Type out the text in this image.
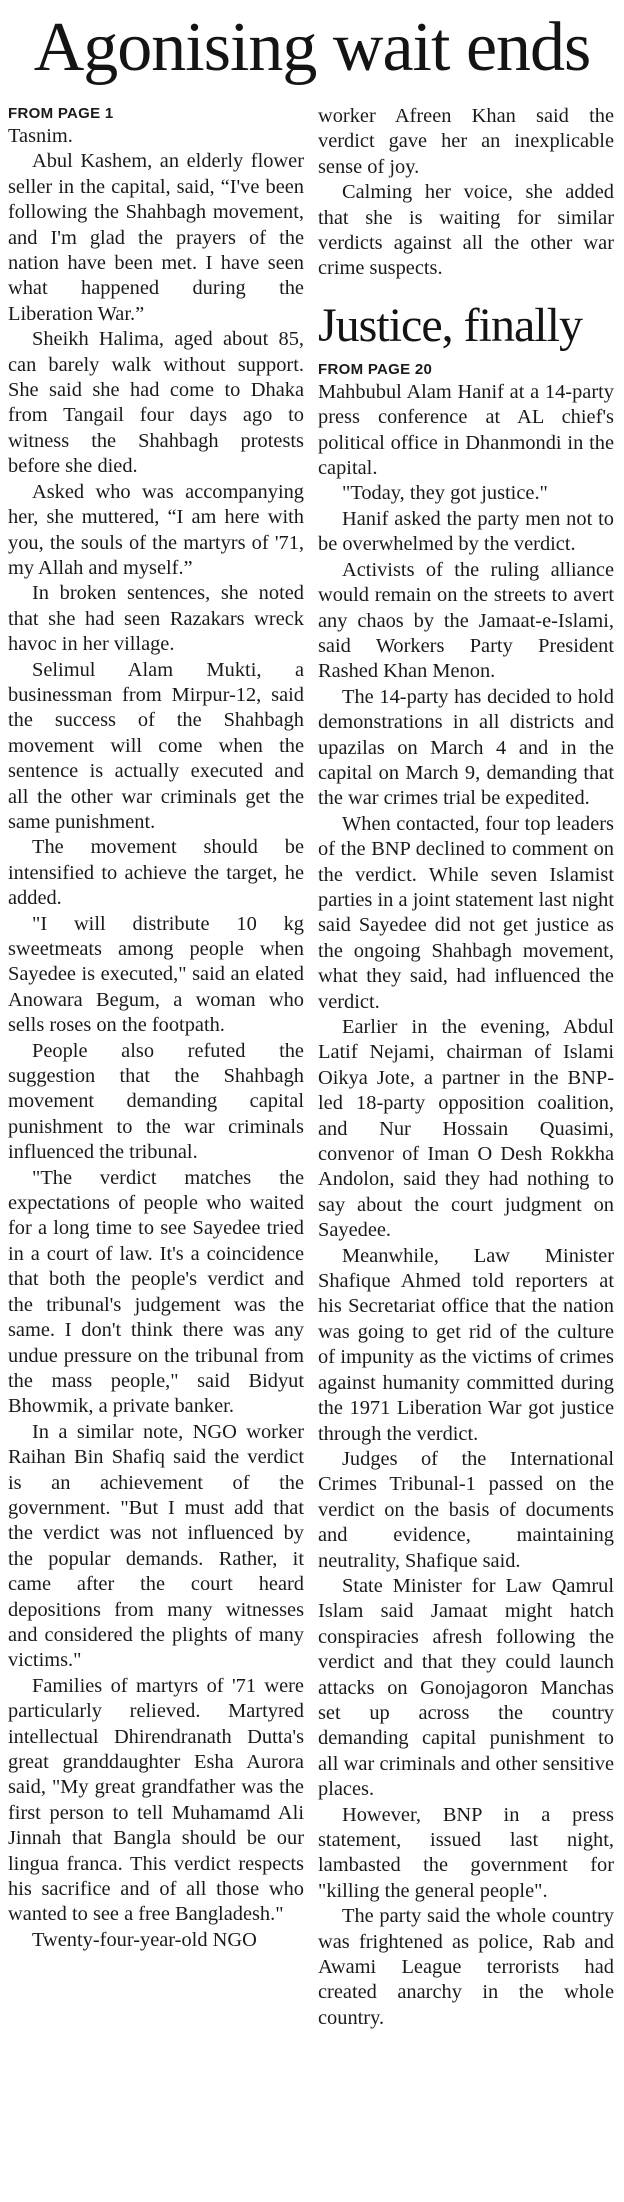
Agonising wait ends
FROM PAGE 1

Tasnim.

Abul Kashem, an elderly flower seller in the capital, said, “I've been following the Shahbagh movement, and I'm glad the prayers of the nation have been met. I have seen what happened during the Liberation War.”

Sheikh Halima, aged about 85, can barely walk without support. She said she had come to Dhaka from Tangail four days ago to witness the Shahbagh protests before she died.

Asked who was accompanying her, she muttered, “I am here with you, the souls of the martyrs of '71, my Allah and myself.”

In broken sentences, she noted that she had seen Razakars wreck havoc in her village.

Selimul Alam Mukti, a businessman from Mirpur-12, said the success of the Shahbagh movement will come when the sentence is actually executed and all the other war criminals get the same punishment.

The movement should be intensified to achieve the target, he added.

"I will distribute 10 kg sweetmeats among people when Sayedee is executed," said an elated Anowara Begum, a woman who sells roses on the footpath.

People also refuted the suggestion that the Shahbagh movement demanding capital punishment to the war criminals influenced the tribunal.

"The verdict matches the expectations of people who waited for a long time to see Sayedee tried in a court of law. It's a coincidence that both the people's verdict and the tribunal's judgement was the same. I don't think there was any undue pressure on the tribunal from the mass people," said Bidyut Bhowmik, a private banker.

In a similar note, NGO worker Raihan Bin Shafiq said the verdict is an achievement of the government. "But I must add that the verdict was not influenced by the popular demands. Rather, it came after the court heard depositions from many witnesses and considered the plights of many victims."

Families of martyrs of '71 were particularly relieved. Martyred intellectual Dhirendranath Dutta's great granddaughter Esha Aurora said, "My great grandfather was the first person to tell Muhamamd Ali Jinnah that Bangla should be our lingua franca. This verdict respects his sacrifice and of all those who wanted to see a free Bangladesh."

Twenty-four-year-old NGO

worker Afreen Khan said the verdict gave her an inexplicable sense of joy.

Calming her voice, she added that she is waiting for similar verdicts against all the other war crime suspects.

Justice, finally
FROM PAGE 20

Mahbubul Alam Hanif at a 14-party press conference at AL chief's political office in Dhanmondi in the capital.

"Today, they got justice."

Hanif asked the party men not to be overwhelmed by the verdict.

Activists of the ruling alliance would remain on the streets to avert any chaos by the Jamaat-e-Islami, said Workers Party President Rashed Khan Menon.

The 14-party has decided to hold demonstrations in all districts and upazilas on March 4 and in the capital on March 9, demanding that the war crimes trial be expedited.

When contacted, four top leaders of the BNP declined to comment on the verdict. While seven Islamist parties in a joint statement last night said Sayedee did not get justice as the ongoing Shahbagh movement, what they said, had influenced the verdict.

Earlier in the evening, Abdul Latif Nejami, chairman of Islami Oikya Jote, a partner in the BNP-led 18-party opposition coalition, and Nur Hossain Quasimi, convenor of Iman O Desh Rokkha Andolon, said they had nothing to say about the court judgment on Sayedee.

Meanwhile, Law Minister Shafique Ahmed told reporters at his Secretariat office that the nation was going to get rid of the culture of impunity as the victims of crimes against humanity committed during the 1971 Liberation War got justice through the verdict.

Judges of the International Crimes Tribunal-1 passed on the verdict on the basis of documents and evidence, maintaining neutrality, Shafique said.

State Minister for Law Qamrul Islam said Jamaat might hatch conspiracies afresh following the verdict and that they could launch attacks on Gonojagoron Manchas set up across the country demanding capital punishment to all war criminals and other sensitive places.

However, BNP in a press statement, issued last night, lambasted the government for "killing the general people".

The party said the whole country was frightened as police, Rab and Awami League terrorists had created anarchy in the whole country.
